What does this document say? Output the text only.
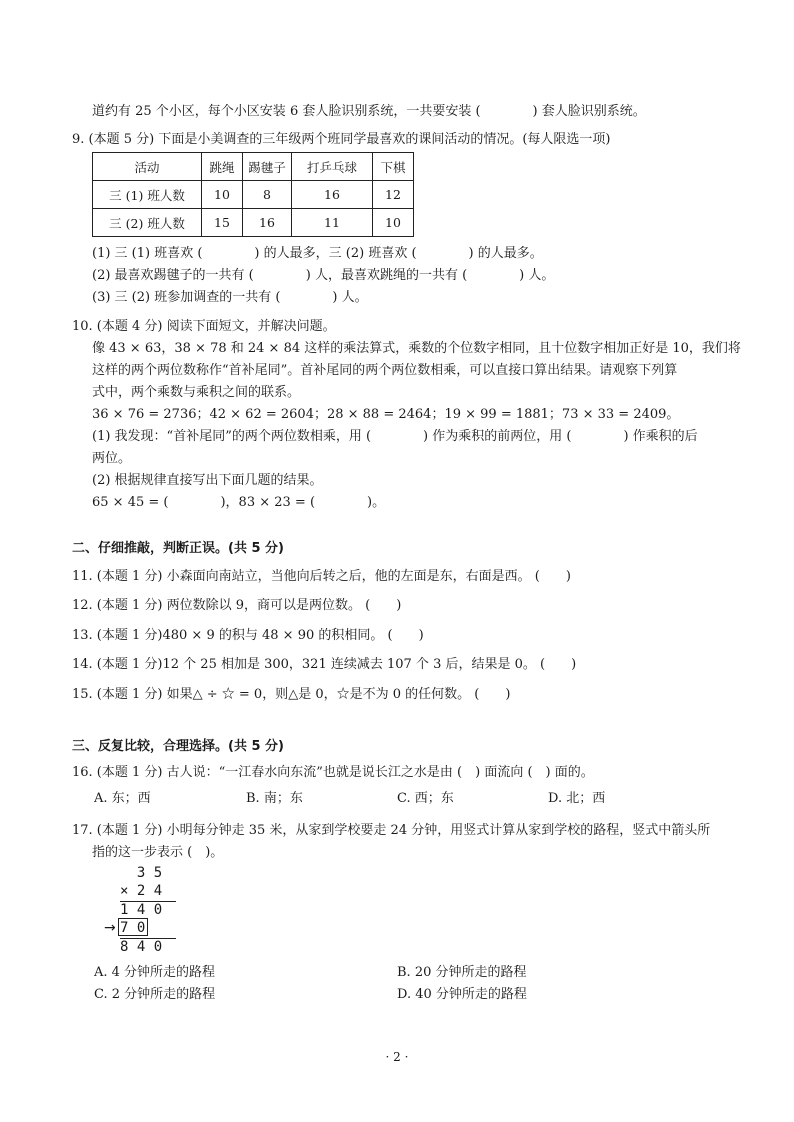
道约有 25 个小区，每个小区安装 6 套人脸识别系统，一共要安装 (　　　　) 套人脸识别系统。
9. (本题 5 分) 下面是小美调查的三年级两个班同学最喜欢的课间活动的情况。(每人限选一项)
活动	跳绳	踢毽子	打乒乓球	下棋
三 (1) 班人数	10	8	16	12
三 (2) 班人数	15	16	11	10
(1) 三 (1) 班喜欢 (　　　　) 的人最多，三 (2) 班喜欢 (　　　　) 的人最多。
(2) 最喜欢踢毽子的一共有 (　　　　) 人，最喜欢跳绳的一共有 (　　　　) 人。
(3) 三 (2) 班参加调查的一共有 (　　　　) 人。
10. (本题 4 分) 阅读下面短文，并解决问题。
像 43 × 63，38 × 78 和 24 × 84 这样的乘法算式，乘数的个位数字相同，且十位数字相加正好是 10，我们将
这样的两个两位数称作“首补尾同”。首补尾同的两个两位数相乘，可以直接口算出结果。请观察下列算
式中，两个乘数与乘积之间的联系。
36 × 76 = 2736；42 × 62 = 2604；28 × 88 = 2464；19 × 99 = 1881；73 × 33 = 2409。
(1) 我发现：“首补尾同”的两个两位数相乘，用 (　　　　) 作为乘积的前两位，用 (　　　　) 作乘积的后
两位。
(2) 根据规律直接写出下面几题的结果。
65 × 45 = (　　　　)，83 × 23 = (　　　　)。
二、仔细推敲，判断正误。(共 5 分)
11. (本题 1 分) 小森面向南站立，当他向后转之后，他的左面是东，右面是西。 (　　)
12. (本题 1 分) 两位数除以 9，商可以是两位数。 (　　)
13. (本题 1 分)480 × 9 的积与 48 × 90 的积相同。 (　　)
14. (本题 1 分)12 个 25 相加是 300，321 连续减去 107 个 3 后，结果是 0。 (　　)
15. (本题 1 分) 如果△ ÷ ☆ = 0，则△是 0，☆是不为 0 的任何数。 (　　)
三、反复比较，合理选择。(共 5 分)
16. (本题 1 分) 古人说：“一江春水向东流”也就是说长江之水是由 (　) 面流向 (　) 面的。
A. 东；西	B. 南；东	C. 西；东	D. 北；西
17. (本题 1 分) 小明每分钟走 35 米，从家到学校要走 24 分钟，用竖式计算从家到学校的路程，竖式中箭头所
指的这一步表示 (　)。
3 5
× 2 4
1 4 0
→ 7 0
8 4 0
A. 4 分钟所走的路程	B. 20 分钟所走的路程
C. 2 分钟所走的路程	D. 40 分钟所走的路程
· 2 ·
